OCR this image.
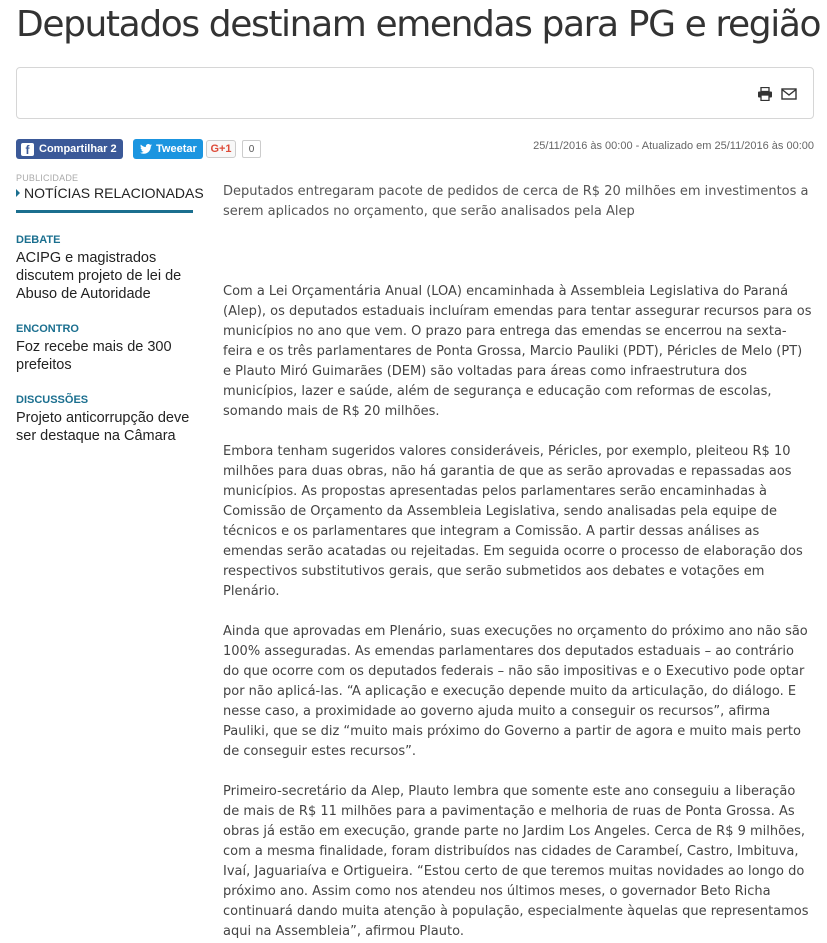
Deputados destinam emendas para PG e região
f Compartilhar 2	Tweetar G+1	0	25/11/2016 às 00:00 - Atualizado em 25/11/2016 às 00:00
PUBLICIDADE
NOTÍCIAS RELACIONADAS
DEBATE
ACIPG e magistrados discutem projeto de lei de Abuso de Autoridade
ENCONTRO
Foz recebe mais de 300 prefeitos
DISCUSSÕES
Projeto anticorrupção deve ser destaque na Câmara

Deputados entregaram pacote de pedidos de cerca de R$ 20 milhões em investimentos a serem aplicados no orçamento, que serão analisados pela Alep

Com a Lei Orçamentária Anual (LOA) encaminhada à Assembleia Legislativa do Paraná (Alep), os deputados estaduais incluíram emendas para tentar assegurar recursos para os municípios no ano que vem. O prazo para entrega das emendas se encerrou na sexta-feira e os três parlamentares de Ponta Grossa, Marcio Pauliki (PDT), Péricles de Melo (PT) e Plauto Miró Guimarães (DEM) são voltadas para áreas como infraestrutura dos municípios, lazer e saúde, além de segurança e educação com reformas de escolas, somando mais de R$ 20 milhões.

Embora tenham sugeridos valores consideráveis, Péricles, por exemplo, pleiteou R$ 10 milhões para duas obras, não há garantia de que as serão aprovadas e repassadas aos municípios. As propostas apresentadas pelos parlamentares serão encaminhadas à Comissão de Orçamento da Assembleia Legislativa, sendo analisadas pela equipe de técnicos e os parlamentares que integram a Comissão. A partir dessas análises as emendas serão acatadas ou rejeitadas. Em seguida ocorre o processo de elaboração dos respectivos substitutivos gerais, que serão submetidos aos debates e votações em Plenário.

Ainda que aprovadas em Plenário, suas execuções no orçamento do próximo ano não são 100% asseguradas. As emendas parlamentares dos deputados estaduais – ao contrário do que ocorre com os deputados federais – não são impositivas e o Executivo pode optar por não aplicá-las. “A aplicação e execução depende muito da articulação, do diálogo. E nesse caso, a proximidade ao governo ajuda muito a conseguir os recursos”, afirma Pauliki, que se diz “muito mais próximo do Governo a partir de agora e muito mais perto de conseguir estes recursos”.

Primeiro-secretário da Alep, Plauto lembra que somente este ano conseguiu a liberação de mais de R$ 11 milhões para a pavimentação e melhoria de ruas de Ponta Grossa. As obras já estão em execução, grande parte no Jardim Los Angeles. Cerca de R$ 9 milhões, com a mesma finalidade, foram distribuídos nas cidades de Carambeí, Castro, Imbituva, Ivaí, Jaguariaíva e Ortigueira. “Estou certo de que teremos muitas novidades ao longo do próximo ano. Assim como nos atendeu nos últimos meses, o governador Beto Richa continuará dando muita atenção à população, especialmente àquelas que representamos aqui na Assembleia”, afirmou Plauto.
